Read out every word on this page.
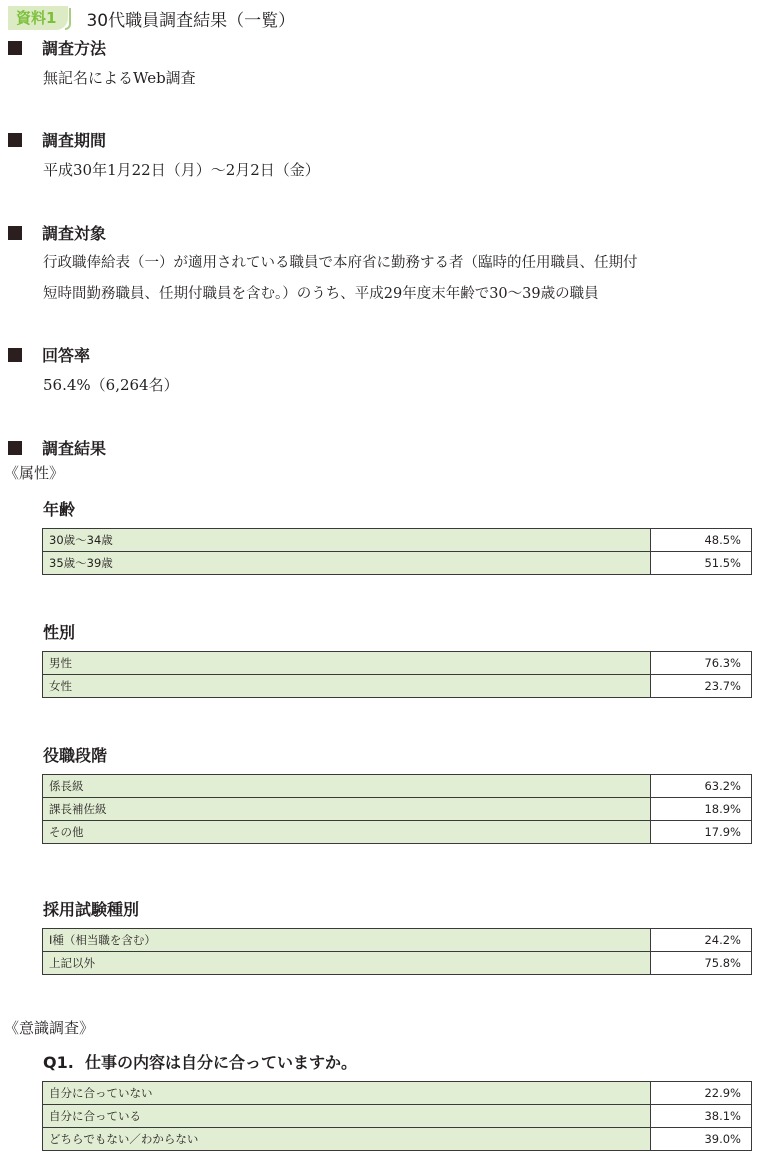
資料1	30代職員調査結果（一覧）
調査方法
無記名によるWeb調査
調査期間
平成30年1月22日（月）～2月2日（金）
調査対象
行政職俸給表（一）が適用されている職員で本府省に勤務する者（臨時的任用職員、任期付
短時間勤務職員、任期付職員を含む。）のうち、平成29年度末年齢で30～39歳の職員
回答率
56.4%（6,264名）
調査結果
《属性》
年齢
30歳～34歳	48.5%
35歳～39歳	51.5%
性別
男性	76.3%
女性	23.7%
役職段階
係長級	63.2%
課長補佐級	18.9%
その他	17.9%
採用試験種別
Ⅰ種（相当職を含む）	24.2%
上記以外	75.8%
《意識調査》
Q1.  仕事の内容は自分に合っていますか。
自分に合っていない	22.9%
自分に合っている	38.1%
どちらでもない／わからない	39.0%
